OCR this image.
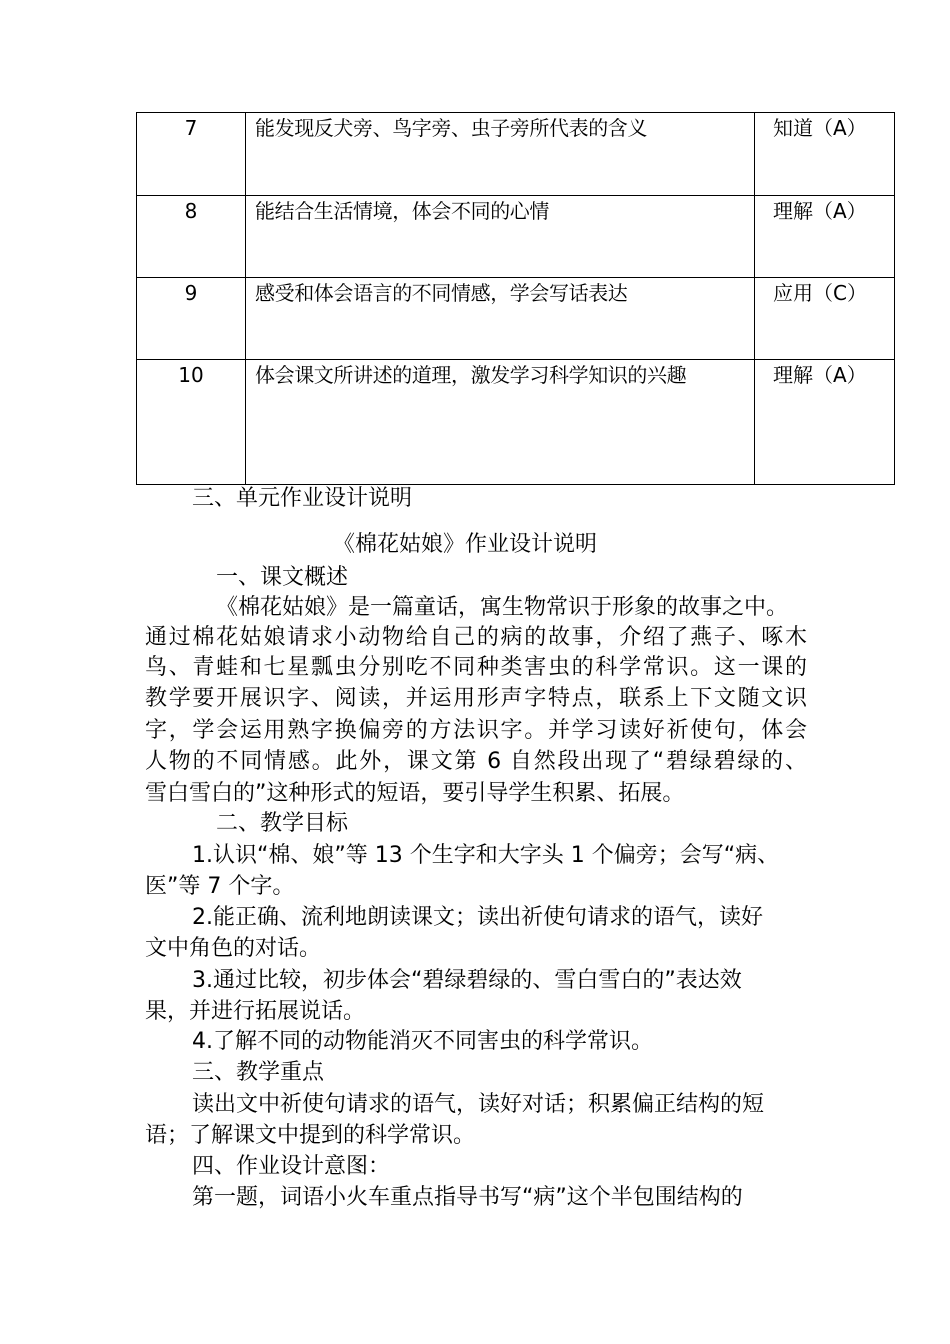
7	能发现反犬旁、鸟字旁、虫子旁所代表的含义	知道（A）
8	能结合生活情境，体会不同的心情	理解（A）
9	感受和体会语言的不同情感，学会写话表达	应用（C）
10	体会课文所讲述的道理，激发学习科学知识的兴趣	理解（A）
三、单元作业设计说明
《棉花姑娘》作业设计说明
一、课文概述
《棉花姑娘》是一篇童话，寓生物常识于形象的故事之中。
通过棉花姑娘请求小动物给自己的病的故事，介绍了燕子、啄木
鸟、青蛙和七星瓢虫分别吃不同种类害虫的科学常识。这一课的
教学要开展识字、阅读，并运用形声字特点，联系上下文随文识
字，学会运用熟字换偏旁的方法识字。并学习读好祈使句，体会
人物的不同情感。此外，课文第 6 自然段出现了“碧绿碧绿的、
雪白雪白的”这种形式的短语，要引导学生积累、拓展。
二、教学目标
1.认识“棉、娘”等 13 个生字和大字头 1 个偏旁；会写“病、
医”等 7 个字。
2.能正确、流利地朗读课文；读出祈使句请求的语气，读好
文中角色的对话。
3.通过比较，初步体会“碧绿碧绿的、雪白雪白的”表达效
果，并进行拓展说话。
4.了解不同的动物能消灭不同害虫的科学常识。
三、教学重点
读出文中祈使句请求的语气，读好对话；积累偏正结构的短
语；了解课文中提到的科学常识。
四、作业设计意图：
第一题，词语小火车重点指导书写“病”这个半包围结构的
